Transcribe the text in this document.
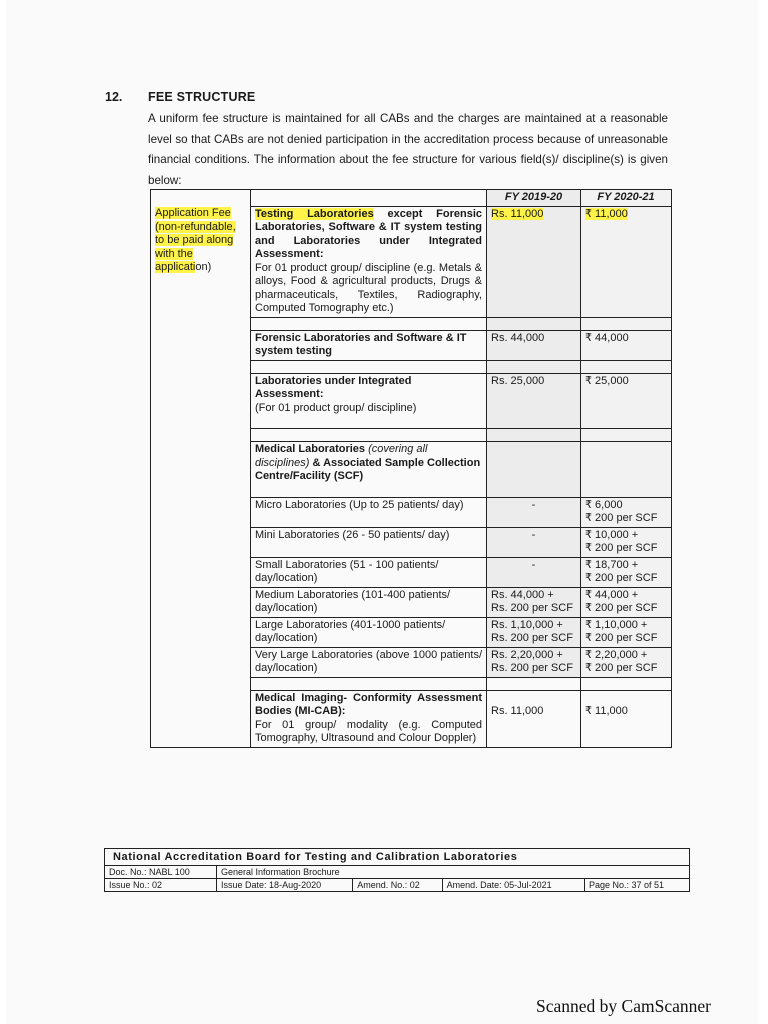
12. FEE STRUCTURE
A uniform fee structure is maintained for all CABs and the charges are maintained at a reasonable level so that CABs are not denied participation in the accreditation process because of unreasonable financial conditions. The information about the fee structure for various field(s)/ discipline(s) is given below:
		FY 2019-20	FY 2020-21
Application Fee (non-refundable, to be paid along with the application)	Testing Laboratories except Forensic Laboratories, Software & IT system testing and Laboratories under Integrated Assessment:
For 01 product group/ discipline (e.g. Metals & alloys, Food & agricultural products, Drugs & pharmaceuticals, Textiles, Radiography, Computed Tomography etc.)	Rs. 11,000	₹ 11,000

	Forensic Laboratories and Software & IT system testing	Rs. 44,000	₹ 44,000

	Laboratories under Integrated Assessment:
(For 01 product group/ discipline)	Rs. 25,000	₹ 25,000

	Medical Laboratories (covering all disciplines) & Associated Sample Collection Centre/Facility (SCF)

	Micro Laboratories (Up to 25 patients/ day)	-	₹ 6,000
₹ 200 per SCF
	Mini Laboratories (26 - 50 patients/ day)	-	₹ 10,000 +
₹ 200 per SCF
	Small Laboratories (51 - 100 patients/ day/location)	-	₹ 18,700 +
₹ 200 per SCF
	Medium Laboratories (101-400 patients/ day/location)	Rs. 44,000 +
Rs. 200 per SCF	₹ 44,000 +
₹ 200 per SCF
	Large Laboratories (401-1000 patients/ day/location)	Rs. 1,10,000 +
Rs. 200 per SCF	₹ 1,10,000 +
₹ 200 per SCF
	Very Large Laboratories (above 1000 patients/ day/location)	Rs. 2,20,000 +
Rs. 200 per SCF	₹ 2,20,000 +
₹ 200 per SCF

	Medical Imaging- Conformity Assessment Bodies (MI-CAB):
For 01 group/ modality (e.g. Computed Tomography, Ultrasound and Colour Doppler)	Rs. 11,000	₹ 11,000
National Accreditation Board for Testing and Calibration Laboratories				
Doc. No.: NABL 100	General Information Brochure			
Issue No.: 02	Issue Date: 18-Aug-2020	Amend. No.: 02	Amend. Date: 05-Jul-2021	Page No.: 37 of 51
Scanned by CamScanner
